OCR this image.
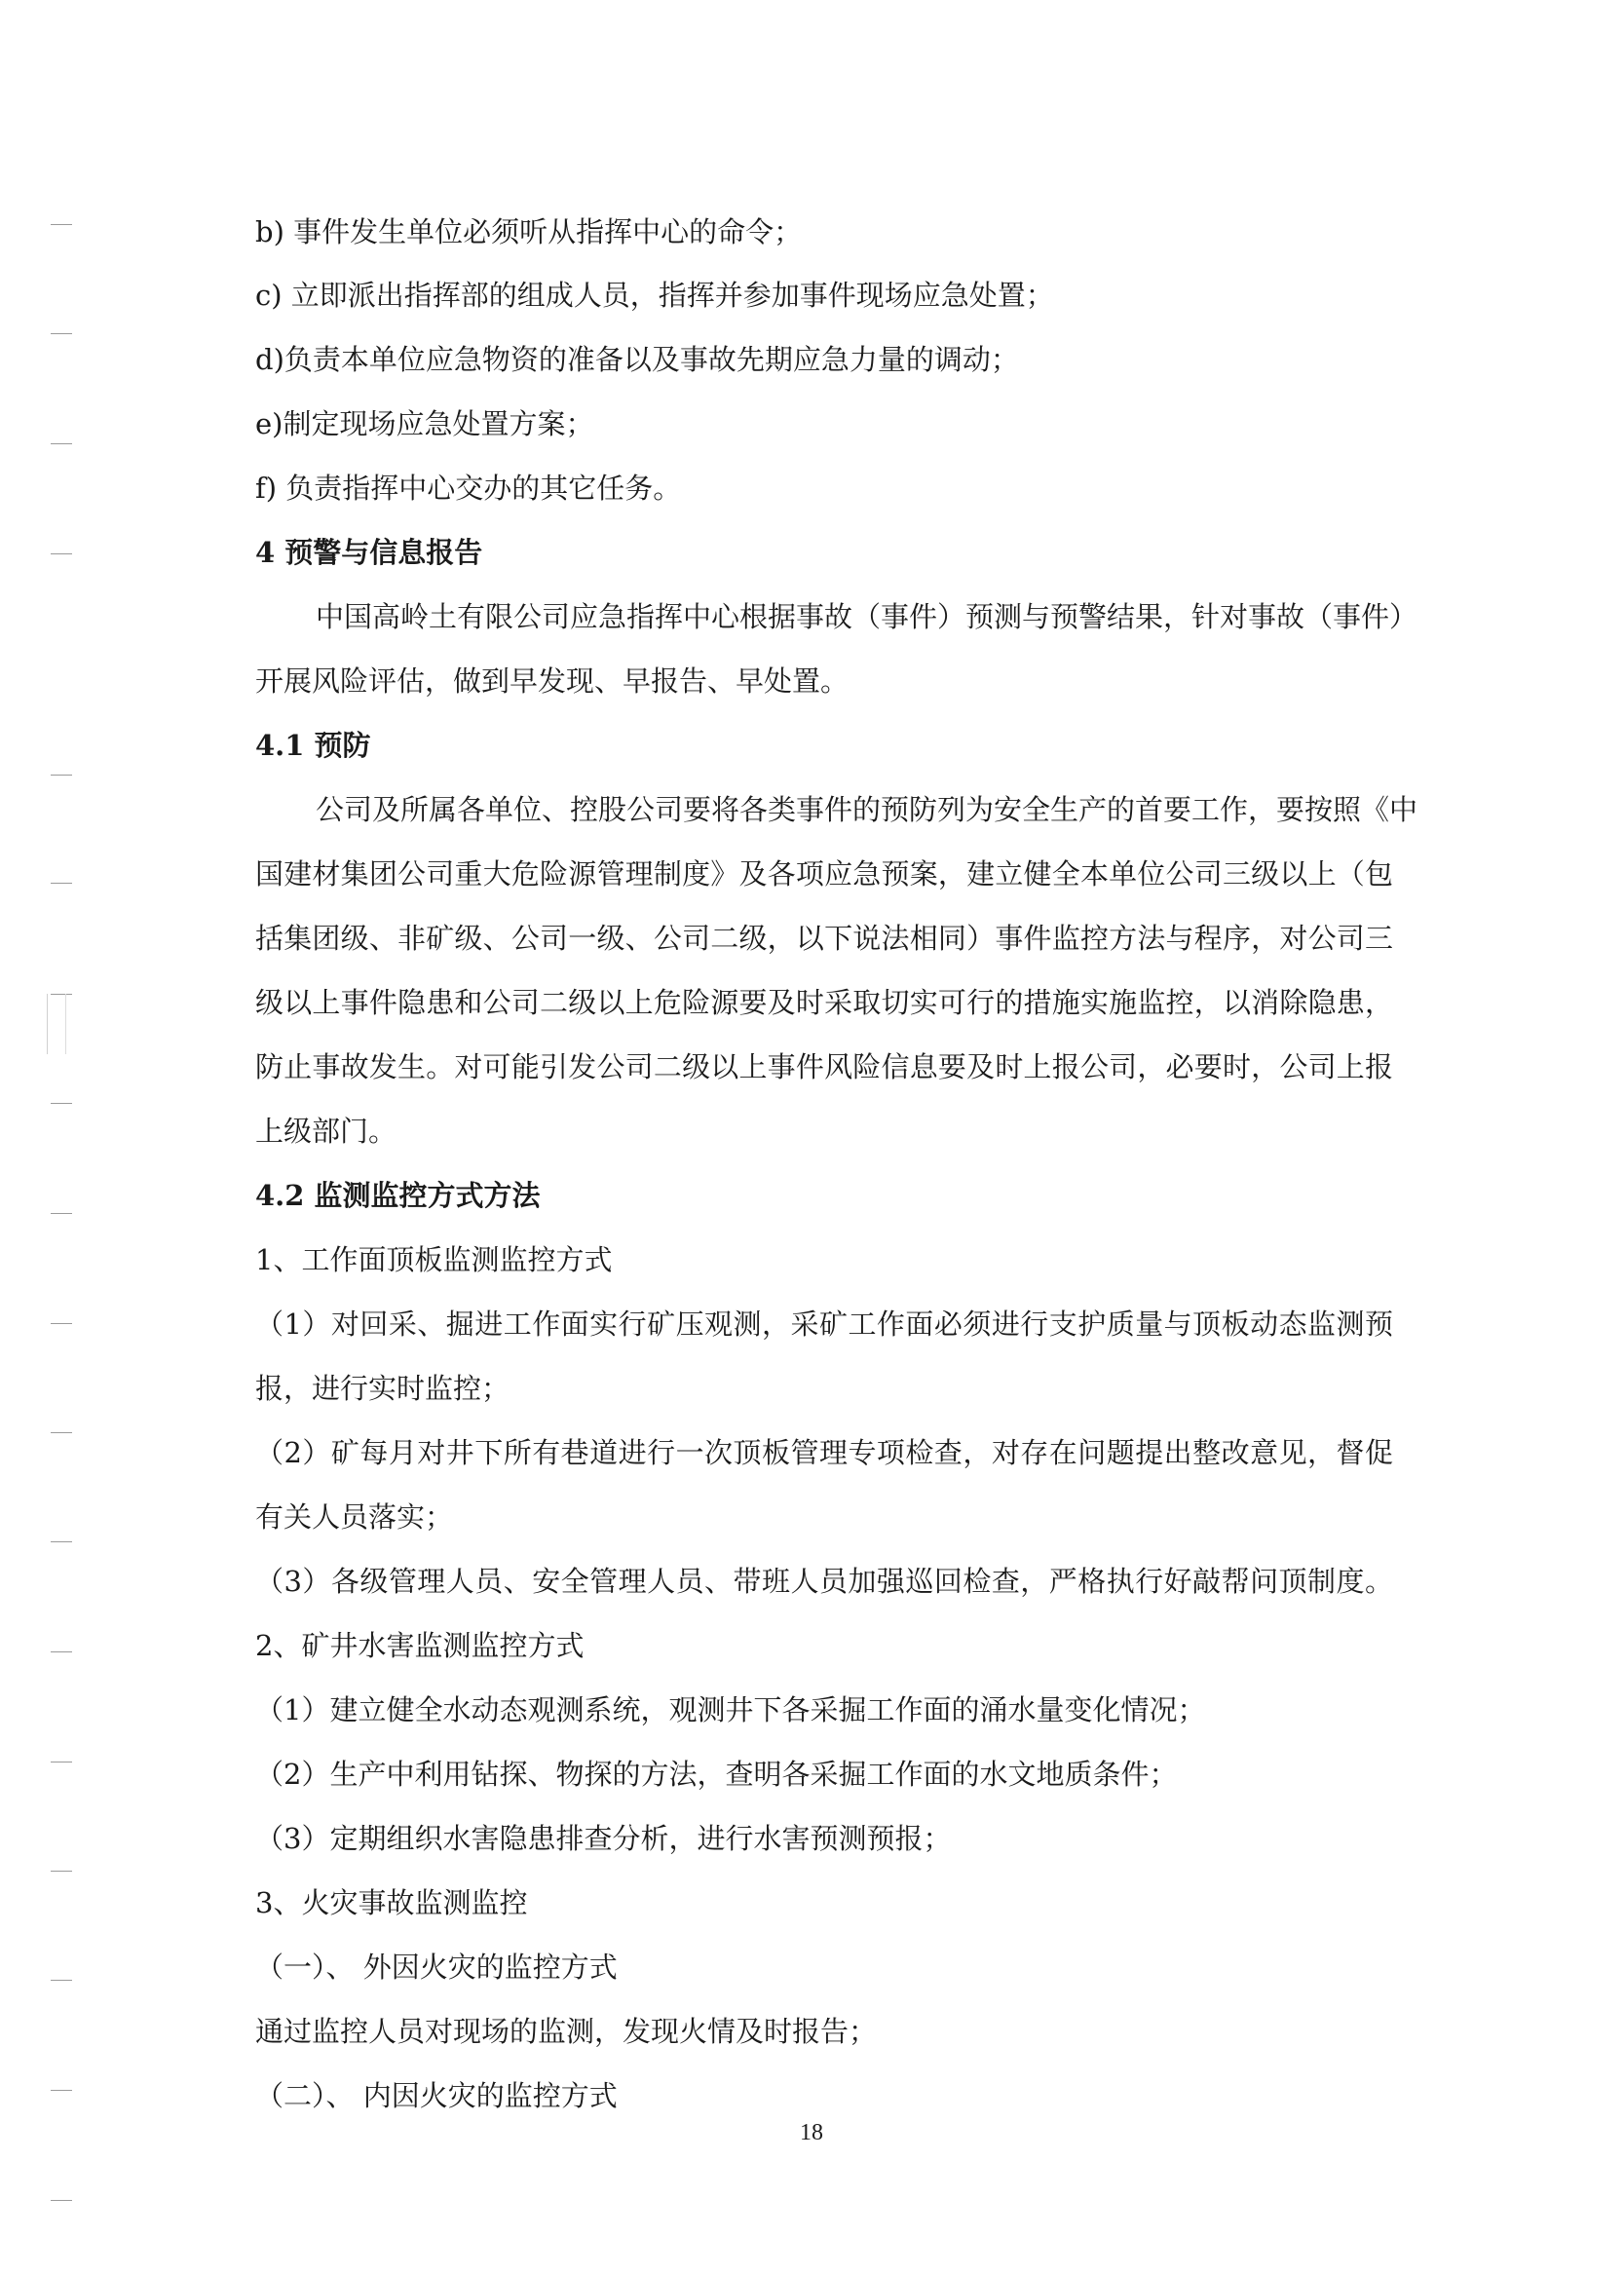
b) 事件发生单位必须听从指挥中心的命令；

c) 立即派出指挥部的组成人员，指挥并参加事件现场应急处置；

d)负责本单位应急物资的准备以及事故先期应急力量的调动；

e)制定现场应急处置方案；

f) 负责指挥中心交办的其它任务。

4 预警与信息报告

中国高岭土有限公司应急指挥中心根据事故（事件）预测与预警结果，针对事故（事件）

开展风险评估，做到早发现、早报告、早处置。

4.1 预防

公司及所属各单位、控股公司要将各类事件的预防列为安全生产的首要工作，要按照《中

国建材集团公司重大危险源管理制度》及各项应急预案，建立健全本单位公司三级以上（包

括集团级、非矿级、公司一级、公司二级，以下说法相同）事件监控方法与程序，对公司三

级以上事件隐患和公司二级以上危险源要及时采取切实可行的措施实施监控，以消除隐患，

防止事故发生。对可能引发公司二级以上事件风险信息要及时上报公司，必要时，公司上报

上级部门。

4.2 监测监控方式方法

1、工作面顶板监测监控方式

（1）对回采、掘进工作面实行矿压观测，采矿工作面必须进行支护质量与顶板动态监测预

报，进行实时监控；

（2）矿每月对井下所有巷道进行一次顶板管理专项检查，对存在问题提出整改意见，督促

有关人员落实；

（3）各级管理人员、安全管理人员、带班人员加强巡回检查，严格执行好敲帮问顶制度。

2、矿井水害监测监控方式

（1）建立健全水动态观测系统，观测井下各采掘工作面的涌水量变化情况；

（2）生产中利用钻探、物探的方法，查明各采掘工作面的水文地质条件；

（3）定期组织水害隐患排查分析，进行水害预测预报；

3、火灾事故监测监控

（一）、 外因火灾的监控方式

通过监控人员对现场的监测，发现火情及时报告；

（二）、 内因火灾的监控方式

18
